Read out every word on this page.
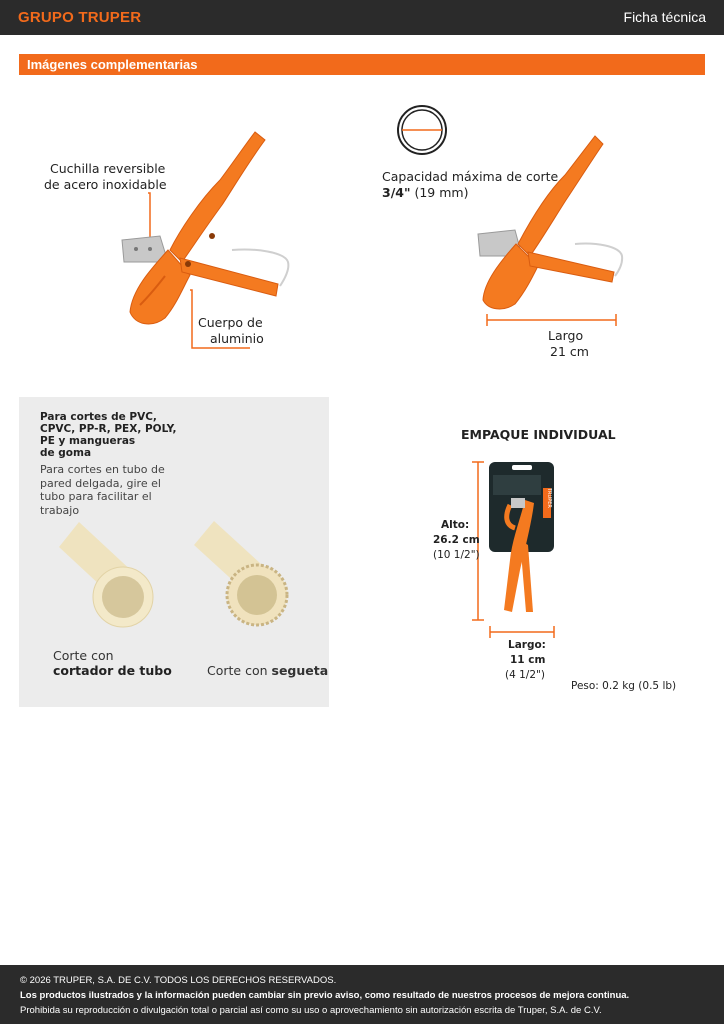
GRUPO TRUPER	Ficha técnica
Imágenes complementarias
Cuchilla reversible
de acero inoxidable
Cuerpo de
aluminio
Capacidad máxima de corte
3/4" (19 mm)
Largo
21 cm
Para cortes de PVC,
CPVC, PP-R, PEX, POLY,
PE y mangueras
de goma
Para cortes en tubo de
pared delgada, gire el
tubo para facilitar el
trabajo
Corte con
cortador de tubo	Corte con segueta
EMPAQUE INDIVIDUAL
TRUPER
Alto:
26.2 cm
(10 1/2")
Largo:
11 cm
(4 1/2")
Peso: 0.2 kg (0.5 lb)
© 2026 TRUPER, S.A. DE C.V. TODOS LOS DERECHOS RESERVADOS.
Los productos ilustrados y la información pueden cambiar sin previo aviso, como resultado de nuestros procesos de mejora continua.
Prohibida su reproducción o divulgación total o parcial así como su uso o aprovechamiento sin autorización escrita de Truper, S.A. de C.V.
